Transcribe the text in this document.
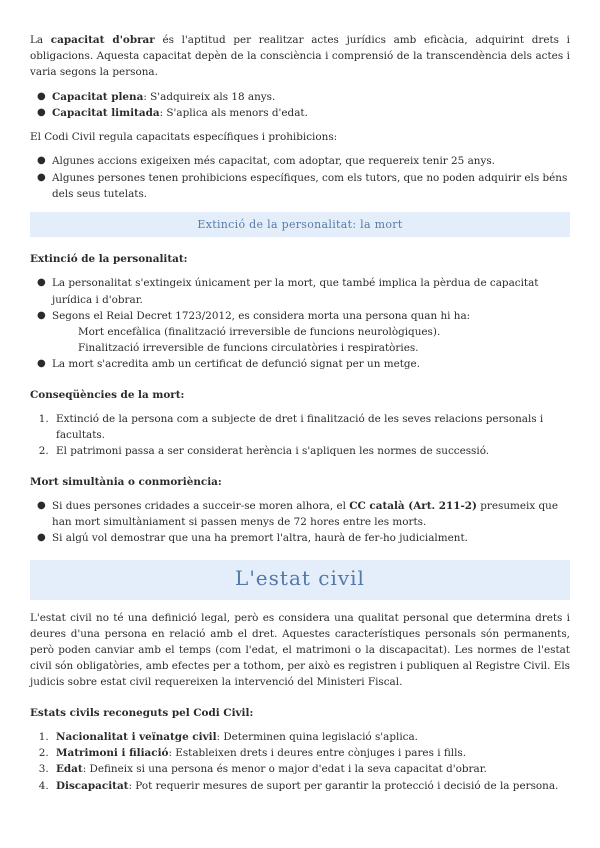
La capacitat d'obrar és l'aptitud per realitzar actes jurídics amb eficàcia, adquirint drets i obligacions. Aquesta capacitat depèn de la consciència i comprensió de la transcendència dels actes i varia segons la persona.

● Capacitat plena: S'adquireix als 18 anys.
● Capacitat limitada: S'aplica als menors d'edat.

El Codi Civil regula capacitats específiques i prohibicions:

● Algunes accions exigeixen més capacitat, com adoptar, que requereix tenir 25 anys.
● Algunes persones tenen prohibicions específiques, com els tutors, que no poden adquirir els béns dels seus tutelats.
Extinció de la personalitat: la mort
Extinció de la personalitat:
● La personalitat s'extingeix únicament per la mort, que també implica la pèrdua de capacitat jurídica i d'obrar.
● Segons el Reial Decret 1723/2012, es considera morta una persona quan hi ha:
Mort encefàlica (finalització irreversible de funcions neurològiques).
Finalització irreversible de funcions circulatòries i respiratòries.
● La mort s'acredita amb un certificat de defunció signat per un metge.
Conseqüències de la mort:
1. Extinció de la persona com a subjecte de dret i finalització de les seves relacions personals i facultats.
2. El patrimoni passa a ser considerat herència i s'apliquen les normes de successió.
Mort simultània o conmoriència:
● Si dues persones cridades a succeir-se moren alhora, el CC català (Art. 211-2) presumeix que han mort simultàniament si passen menys de 72 hores entre les morts.
● Si algú vol demostrar que una ha premort l'altra, haurà de fer-ho judicialment.
L'estat civil

L'estat civil no té una definició legal, però es considera una qualitat personal que determina drets i deures d'una persona en relació amb el dret. Aquestes característiques personals són permanents, però poden canviar amb el temps (com l'edat, el matrimoni o la discapacitat). Les normes de l'estat civil són obligatòries, amb efectes per a tothom, per això es registren i publiquen al Registre Civil. Els judicis sobre estat civil requereixen la intervenció del Ministeri Fiscal.

Estats civils reconeguts pel Codi Civil:
1. Nacionalitat i veïnatge civil: Determinen quina legislació s'aplica.
2. Matrimoni i filiació: Estableixen drets i deures entre cònjuges i pares i fills.
3. Edat: Defineix si una persona és menor o major d'edat i la seva capacitat d'obrar.
4. Discapacitat: Pot requerir mesures de suport per garantir la protecció i decisió de la persona.
